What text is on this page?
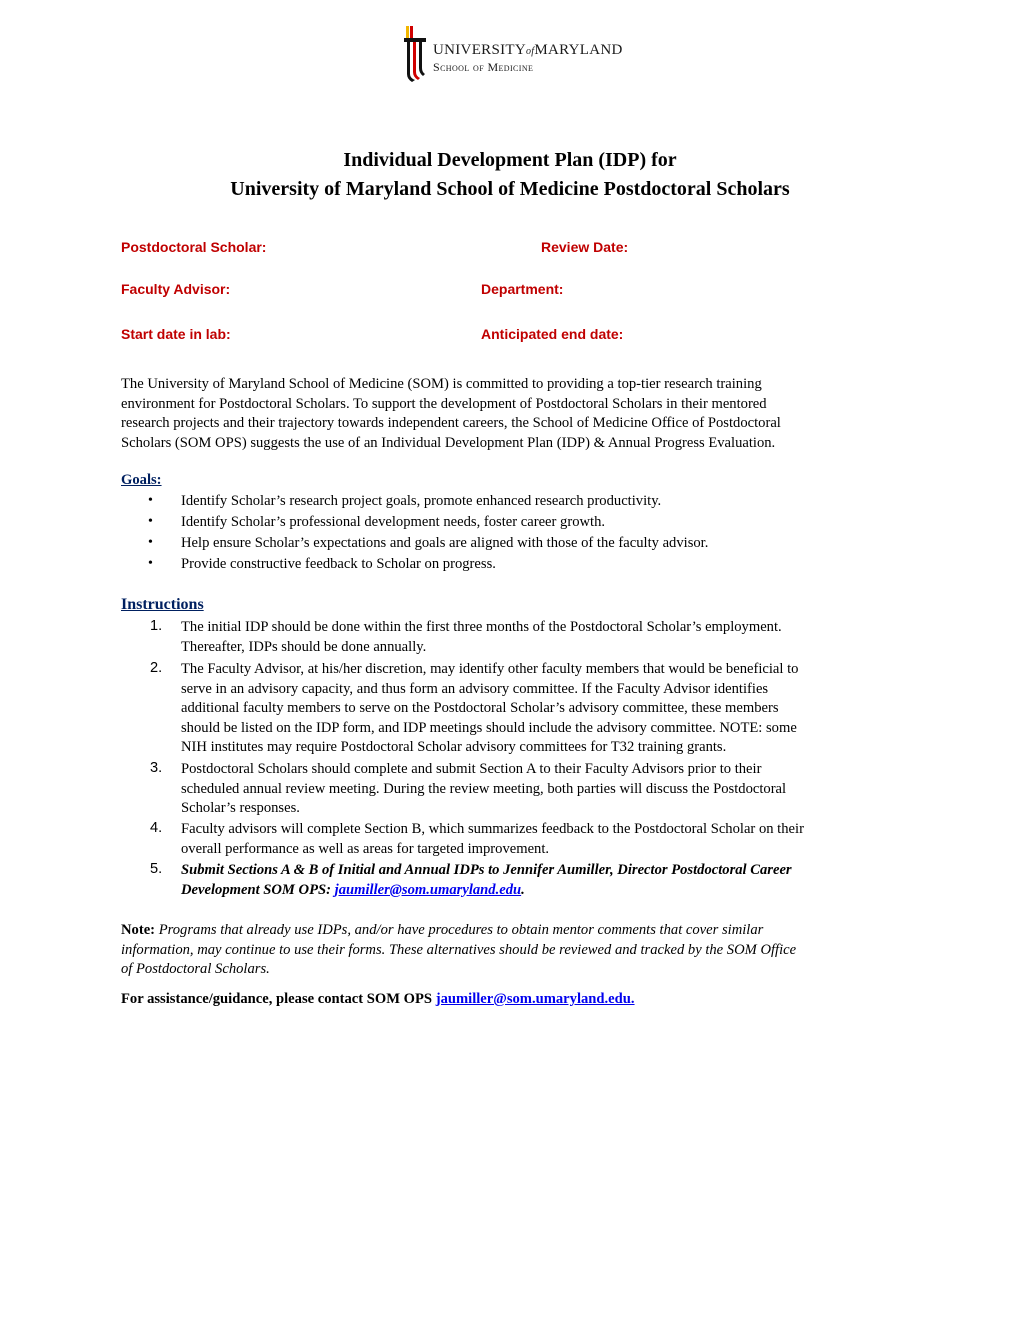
UNIVERSITYofMARYLAND
School of Medicine
Individual Development Plan (IDP) for
University of Maryland School of Medicine Postdoctoral Scholars
Postdoctoral Scholar:	Review Date:
Faculty Advisor:	Department:
Start date in lab:	Anticipated end date:
The University of Maryland School of Medicine (SOM) is committed to providing a top-tier research training
environment for Postdoctoral Scholars. To support the development of Postdoctoral Scholars in their mentored
research projects and their trajectory towards independent careers, the School of Medicine Office of Postdoctoral
Scholars (SOM OPS) suggests the use of an Individual Development Plan (IDP) & Annual Progress Evaluation.
Goals:
• Identify Scholar’s research project goals, promote enhanced research productivity.
• Identify Scholar’s professional development needs, foster career growth.
• Help ensure Scholar’s expectations and goals are aligned with those of the faculty advisor.
• Provide constructive feedback to Scholar on progress.
Instructions
1. The initial IDP should be done within the first three months of the Postdoctoral Scholar’s employment.
Thereafter, IDPs should be done annually.
2. The Faculty Advisor, at his/her discretion, may identify other faculty members that would be beneficial to
serve in an advisory capacity, and thus form an advisory committee. If the Faculty Advisor identifies
additional faculty members to serve on the Postdoctoral Scholar’s advisory committee, these members
should be listed on the IDP form, and IDP meetings should include the advisory committee. NOTE: some
NIH institutes may require Postdoctoral Scholar advisory committees for T32 training grants.
3. Postdoctoral Scholars should complete and submit Section A to their Faculty Advisors prior to their
scheduled annual review meeting. During the review meeting, both parties will discuss the Postdoctoral
Scholar’s responses.
4. Faculty advisors will complete Section B, which summarizes feedback to the Postdoctoral Scholar on their
overall performance as well as areas for targeted improvement.
5. Submit Sections A & B of Initial and Annual IDPs to Jennifer Aumiller, Director Postdoctoral Career
Development SOM OPS: jaumiller@som.umaryland.edu.
Note: Programs that already use IDPs, and/or have procedures to obtain mentor comments that cover similar
information, may continue to use their forms. These alternatives should be reviewed and tracked by the SOM Office
of Postdoctoral Scholars.
For assistance/guidance, please contact SOM OPS jaumiller@som.umaryland.edu.
